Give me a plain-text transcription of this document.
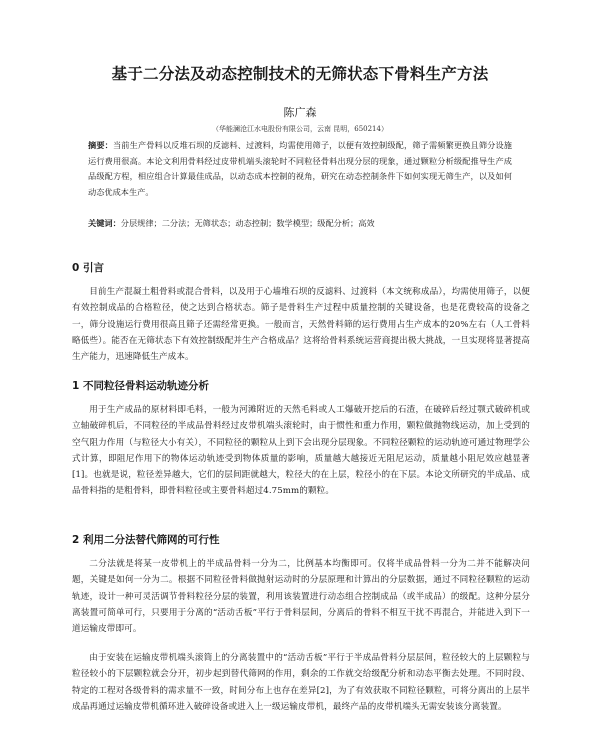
基于二分法及动态控制技术的无筛状态下骨料生产方法

陈广森

（华能澜沧江水电股份有限公司，云南 昆明，650214）

摘要：当前生产骨料以反堆石坝的反滤料、过渡料，均需使用筛子，以便有效控制级配，筛子需频繁更换且筛分设施运行费用很高。本论文利用骨料经过皮带机端头滚轮时不同粒径骨料出现分层的现象，通过颗粒分析级配推导生产成品级配方程，相应组合计算最佳成品，以动态成本控制的视角，研究在动态控制条件下如何实现无筛生产，以及如何动态优成本生产。

关键词：分层规律；二分法；无筛状态；动态控制；数学模型；级配分析；高效

0 引言

目前生产混凝土粗骨料或混合骨料，以及用于心墙堆石坝的反滤料、过渡料（本文统称成品），均需使用筛子，以便有效控制成品的合格粒径，使之达到合格状态。筛子是骨料生产过程中质量控制的关键设备，也是花费较高的设备之一，筛分设施运行费用很高且筛子还需经常更换。一般而言，天然骨料筛的运行费用占生产成本的20%左右（人工骨料略低些）。能否在无筛状态下有效控制级配并生产合格成品？这将给骨料系统运营商提出极大挑战，一旦实现将显著提高生产能力，迅速降低生产成本。

1 不同粒径骨料运动轨迹分析

用于生产成品的原材料即毛料，一般为河滩附近的天然毛料或人工爆破开挖后的石渣，在破碎后经过颚式破碎机或立轴破碎机后，不同粒径的半成品骨料经过皮带机端头滚轮时，由于惯性和重力作用，颗粒做抛物线运动，加上受到的空气阻力作用（与粒径大小有关），不同粒径的颗粒从上到下会出现分层现象。不同粒径颗粒的运动轨迹可通过物理学公式计算，即阻尼作用下的物体运动轨迹受到物体质量的影响，质量越大越接近无阻尼运动，质量越小阻尼效应越显著[1]。也就是说，粒径差异越大，它们的层间距就越大，粒径大的在上层，粒径小的在下层。本论文所研究的半成品、成品骨料指的是粗骨料，即骨料粒径或主要骨料超过4.75mm的颗粒。

2 利用二分法替代筛网的可行性

二分法就是将某一皮带机上的半成品骨料一分为二，比例基本均衡即可。仅将半成品骨料一分为二并不能解决问题，关键是如何一分为二。根据不同粒径骨料做抛射运动时的分层原理和计算出的分层数据，通过不同粒径颗粒的运动轨迹，设计一种可灵活调节骨料粒径分层的装置，利用该装置进行动态组合控制成品（或半成品）的级配。这种分层分离装置可简单可行，只要用于分离的“活动舌板”平行于骨料层间，分离后的骨料不相互干扰不再混合，并能进入到下一道运输皮带即可。

由于安装在运输皮带机端头滚筒上的分离装置中的“活动舌板”平行于半成品骨料分层层间，粒径较大的上层颗粒与粒径较小的下层颗粒就会分开，初步起到替代筛网的作用，剩余的工作就交给级配分析和动态平衡去处理。不同时段、特定的工程对各级骨料的需求量不一致，时间分布上也存在差异[2]，为了有效获取不同粒径颗粒，可将分离出的上层半成品再通过运输皮带机循环进入破碎设备或进入上一级运输皮带机，最终产品的皮带机端头无需安装该分离装置。
